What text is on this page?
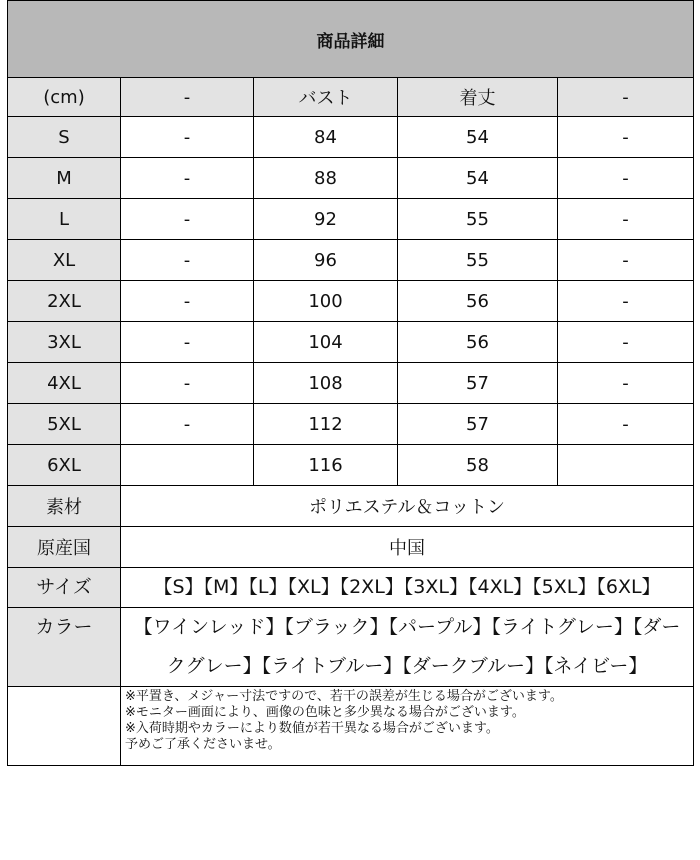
商品詳細				
(cm)	-	バスト	着丈	-
S	-	84	54	-
M	-	88	54	-
L	-	92	55	-
XL	-	96	55	-
2XL	-	100	56	-
3XL	-	104	56	-
4XL	-	108	57	-
5XL	-	112	57	-
6XL		116	58	
素材	ポリエステル＆コットン			
原産国	中国			
サイズ	【S】【M】【L】【XL】【2XL】【3XL】【4XL】【5XL】【6XL】			
カラー	【ワインレッド】【ブラック】【パープル】【ライトグレー】【ダークグレー】【ライトブルー】【ダークブルー】【ネイビー】			

	※平置き、メジャー寸法ですので、若干の誤差が生じる場合がございます。
※モニター画面により、画像の色味と多少異なる場合がございます。
※入荷時期やカラーにより数値が若干異なる場合がございます。
予めご了承くださいませ。			
